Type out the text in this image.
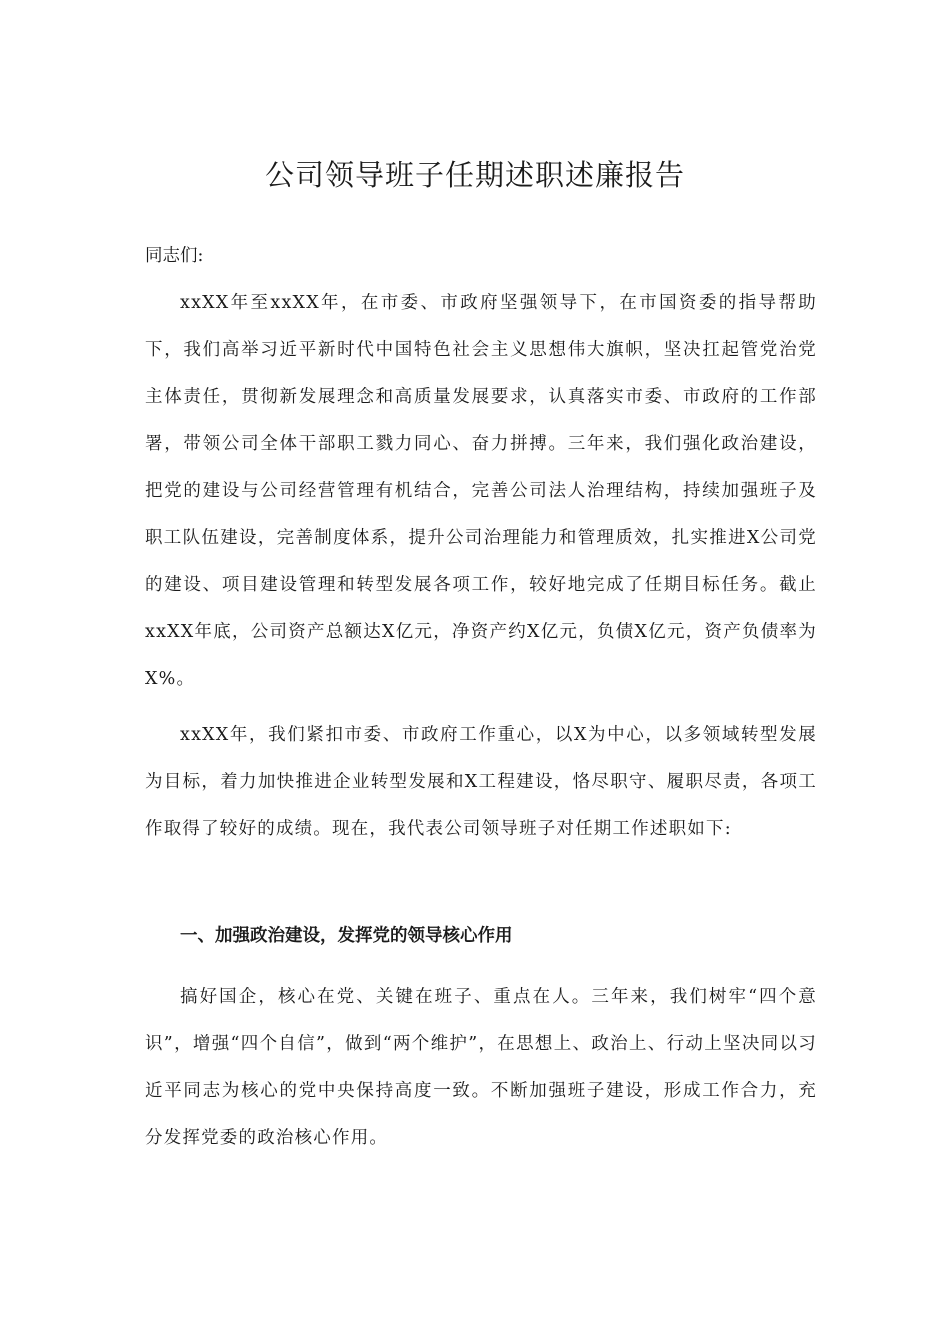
公司领导班子任期述职述廉报告

同志们:

xxXX年至xxXX年，在市委、市政府坚强领导下，在市国资委的指导帮助下，我们高举习近平新时代中国特色社会主义思想伟大旗帜，坚决扛起管党治党主体责任，贯彻新发展理念和高质量发展要求，认真落实市委、市政府的工作部署，带领公司全体干部职工戮力同心、奋力拼搏。三年来，我们强化政治建设，把党的建设与公司经营管理有机结合，完善公司法人治理结构，持续加强班子及职工队伍建设，完善制度体系，提升公司治理能力和管理质效，扎实推进X公司党的建设、项目建设管理和转型发展各项工作，较好地完成了任期目标任务。截止xxXX年底，公司资产总额达X亿元，净资产约X亿元，负债X亿元，资产负债率为X%。

xxXX年，我们紧扣市委、市政府工作重心，以X为中心，以多领域转型发展为目标，着力加快推进企业转型发展和X工程建设，恪尽职守、履职尽责，各项工作取得了较好的成绩。现在，我代表公司领导班子对任期工作述职如下:

一、加强政治建设，发挥党的领导核心作用

搞好国企，核心在党、关键在班子、重点在人。三年来，我们树牢“四个意识”，增强“四个自信”，做到“两个维护”，在思想上、政治上、行动上坚决同以习近平同志为核心的党中央保持高度一致。不断加强班子建设，形成工作合力，充分发挥党委的政治核心作用。
